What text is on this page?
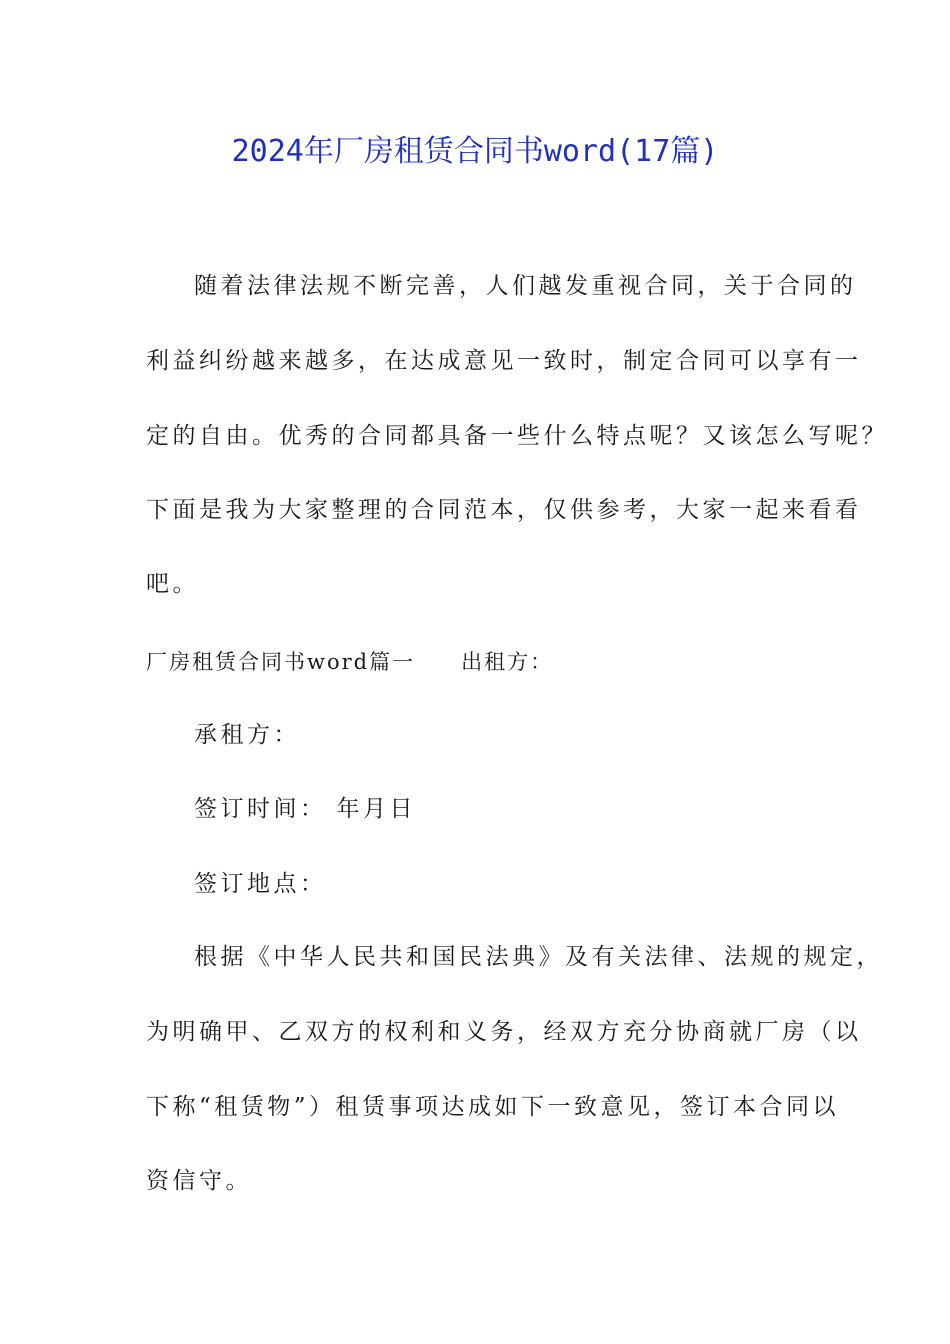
2024年厂房租赁合同书word(17篇)
随着法律法规不断完善，人们越发重视合同，关于合同的
利益纠纷越来越多，在达成意见一致时，制定合同可以享有一
定的自由。优秀的合同都具备一些什么特点呢？又该怎么写呢？
下面是我为大家整理的合同范本，仅供参考，大家一起来看看
吧。
厂房租赁合同书word篇一 出租方：
承租方：
签订时间： 年月日
签订地点：
根据《中华人民共和国民法典》及有关法律、法规的规定，
为明确甲、乙双方的权利和义务，经双方充分协商就厂房（以
下称“租赁物”）租赁事项达成如下一致意见，签订本合同以
资信守。
